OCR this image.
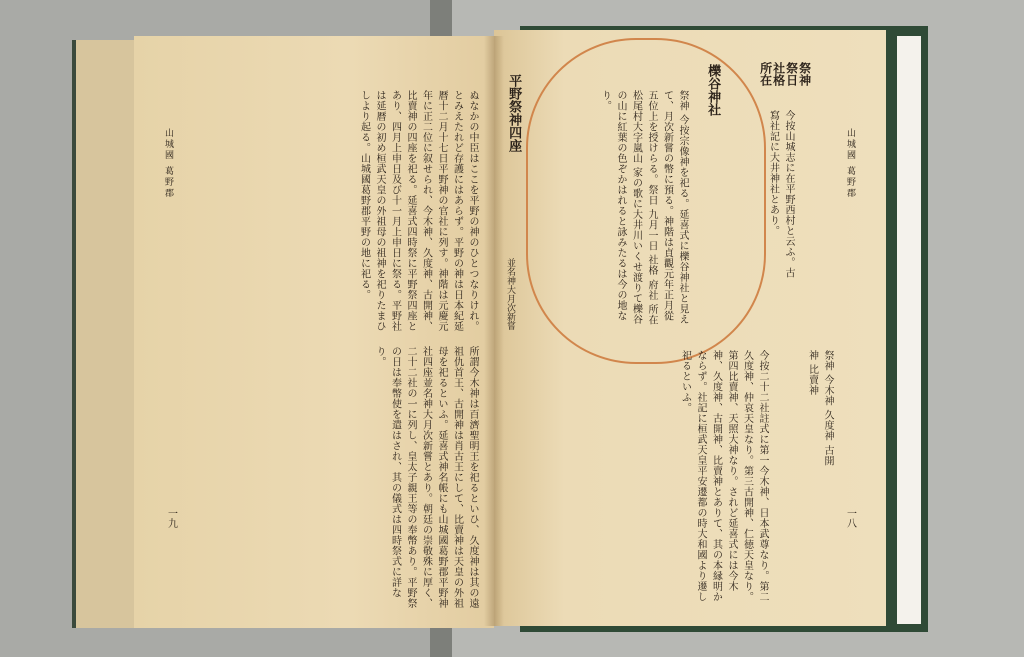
山城國 葛野郡	ぬなかの中臣はここを平野の神のひとつなりけれ。とみえたれど存護にはあらず。平野の神は日本紀延暦十二月十七日平野神の官社に列す。神階は元慶元年に正二位に叙せられ、今木神、久度神、古開神、比賣神の四座を祀る。延喜式四時祭に平野祭四座とあり、四月上申日及び十一月上申日に祭る。平野社は延暦の初め桓武天皇の外祖母の祖神を祀りたまひしより起る。山城國葛野郡平野の地に祀る。
所謂今木神は百濟聖明王を祀るといひ、久度神は其の遠祖仇首王、古開神は肖古王にして、比賣神は天皇の外祖母を祀るといふ。延喜式神名帳にも山城國葛野郡平野神社四座並名神大月次新嘗とあり。朝廷の崇敬殊に厚く、二十二社の一に列し、皇太子親王等の奉幣あり。平野祭の日は奉幣使を遣はされ、其の儀式は四時祭式に詳なり。
一九
山城國 葛野郡
一八
祭神
祭日
社格
所在
今按山城志に在平野西村と云ふ。古寫社記に大井神社とあり。
櫟谷神社
祭神 今按宗像神を祀る。延喜式に櫟谷神社と見えて、月次新嘗の幣に預る。神階は貞觀元年正月從五位上を授けらる。祭日 九月一日 社格 府社 所在 松尾村大字嵐山 家の歌に大井川いくせ渡りて櫟谷の山に紅葉の色ぞかはれると詠みたるは今の地なり。
平野祭神四座
並名神大月次新嘗
今按二十二社註式に第一今木神、日本武尊なり。第二久度神、仲哀天皇なり。第三古開神、仁徳天皇なり。第四比賣神、天照大神なり。されど延喜式には今木神、久度神、古開神、比賣神とありて、其の本縁明かならず。社記に桓武天皇平安遷都の時大和國より遷し祀るといふ。	祭神 今木神 久度神 古開神 比賣神
